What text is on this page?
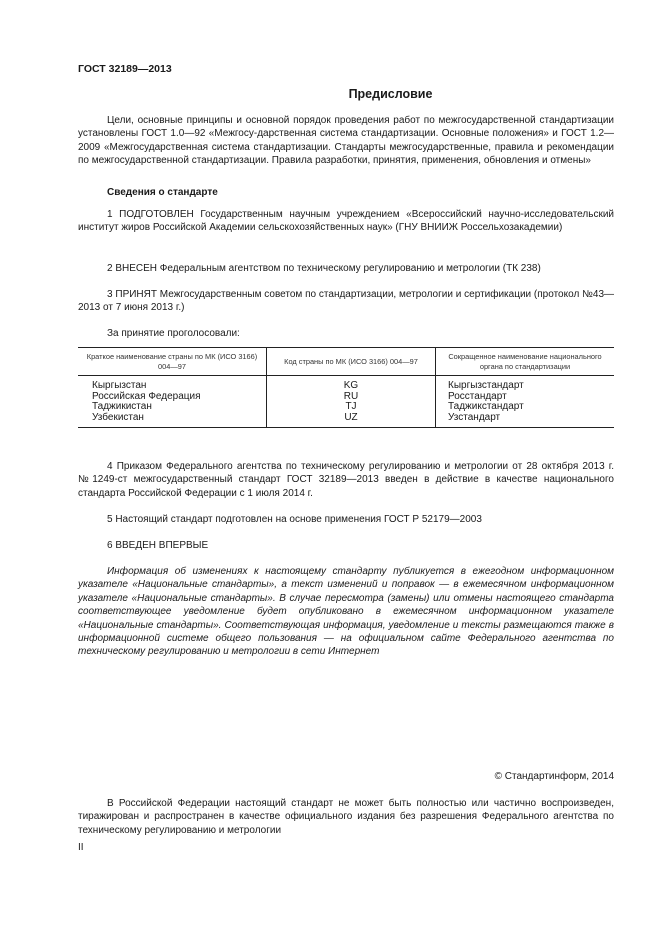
ГОСТ 32189—2013
Предисловие

Цели, основные принципы и основной порядок проведения работ по межгосударственной стандартизации установлены ГОСТ 1.0—92 «Межгосу-дарственная система стандартизации. Основные положения» и ГОСТ 1.2—2009 «Межгосударственная система стандартизации. Стандарты межгосударственные, правила и рекомендации по межгосударственной стандартизации. Правила разработки, принятия, применения, обновления и отмены»

Сведения о стандарте

1 ПОДГОТОВЛЕН Государственным научным учреждением «Всероссийский научно-исследовательский институт жиров Российской Академии сельскохозяйственных наук» (ГНУ ВНИИЖ Россельхозакадемии)

2 ВНЕСЕН Федеральным агентством по техническому регулированию и метрологии (ТК 238)

3 ПРИНЯТ Межгосударственным советом по стандартизации, метрологии и сертификации (протокол №43—2013 от 7 июня 2013 г.)

За принятие проголосовали:

Краткое наименование страны по МК (ИСО 3166) 004—97	Код страны по МК (ИСО 3166) 004—97	Сокращенное наименование национального органа по стандартизации
Кыргызстан	KG	Кыргызстандарт
Российская Федерация	RU	Росстандарт
Таджикистан	TJ	Таджикстандарт
Узбекистан	UZ	Узстандарт

4 Приказом Федерального агентства по техническому регулированию и метрологии от 28 октября 2013 г. №1249-ст межгосударственный стандарт ГОСТ 32189—2013 введен в действие в качестве национального стандарта Российской Федерации с 1 июля 2014 г.

5 Настоящий стандарт подготовлен на основе применения ГОСТ Р 52179—2003

6 ВВЕДЕН ВПЕРВЫЕ

Информация об изменениях к настоящему стандарту публикуется в ежегодном информационном указателе «Национальные стандарты», а текст изменений и поправок — в ежемесячном информационном указателе «Национальные стандарты». В случае пересмотра (замены) или отмены настоящего стандарта соответствующее уведомление будет опубликовано в ежемесячном информационном указателе «Национальные стандарты». Соответствующая информация, уведомление и тексты размещаются также в информационной системе общего пользования — на официальном сайте Федерального агентства по техническому регулированию и метрологии в сети Интернет

© Стандартинформ, 2014

В Российской Федерации настоящий стандарт не может быть полностью или частично воспроизведен, тиражирован и распространен в качестве официального издания без разрешения Федерального агентства по техническому регулированию и метрологии

II
